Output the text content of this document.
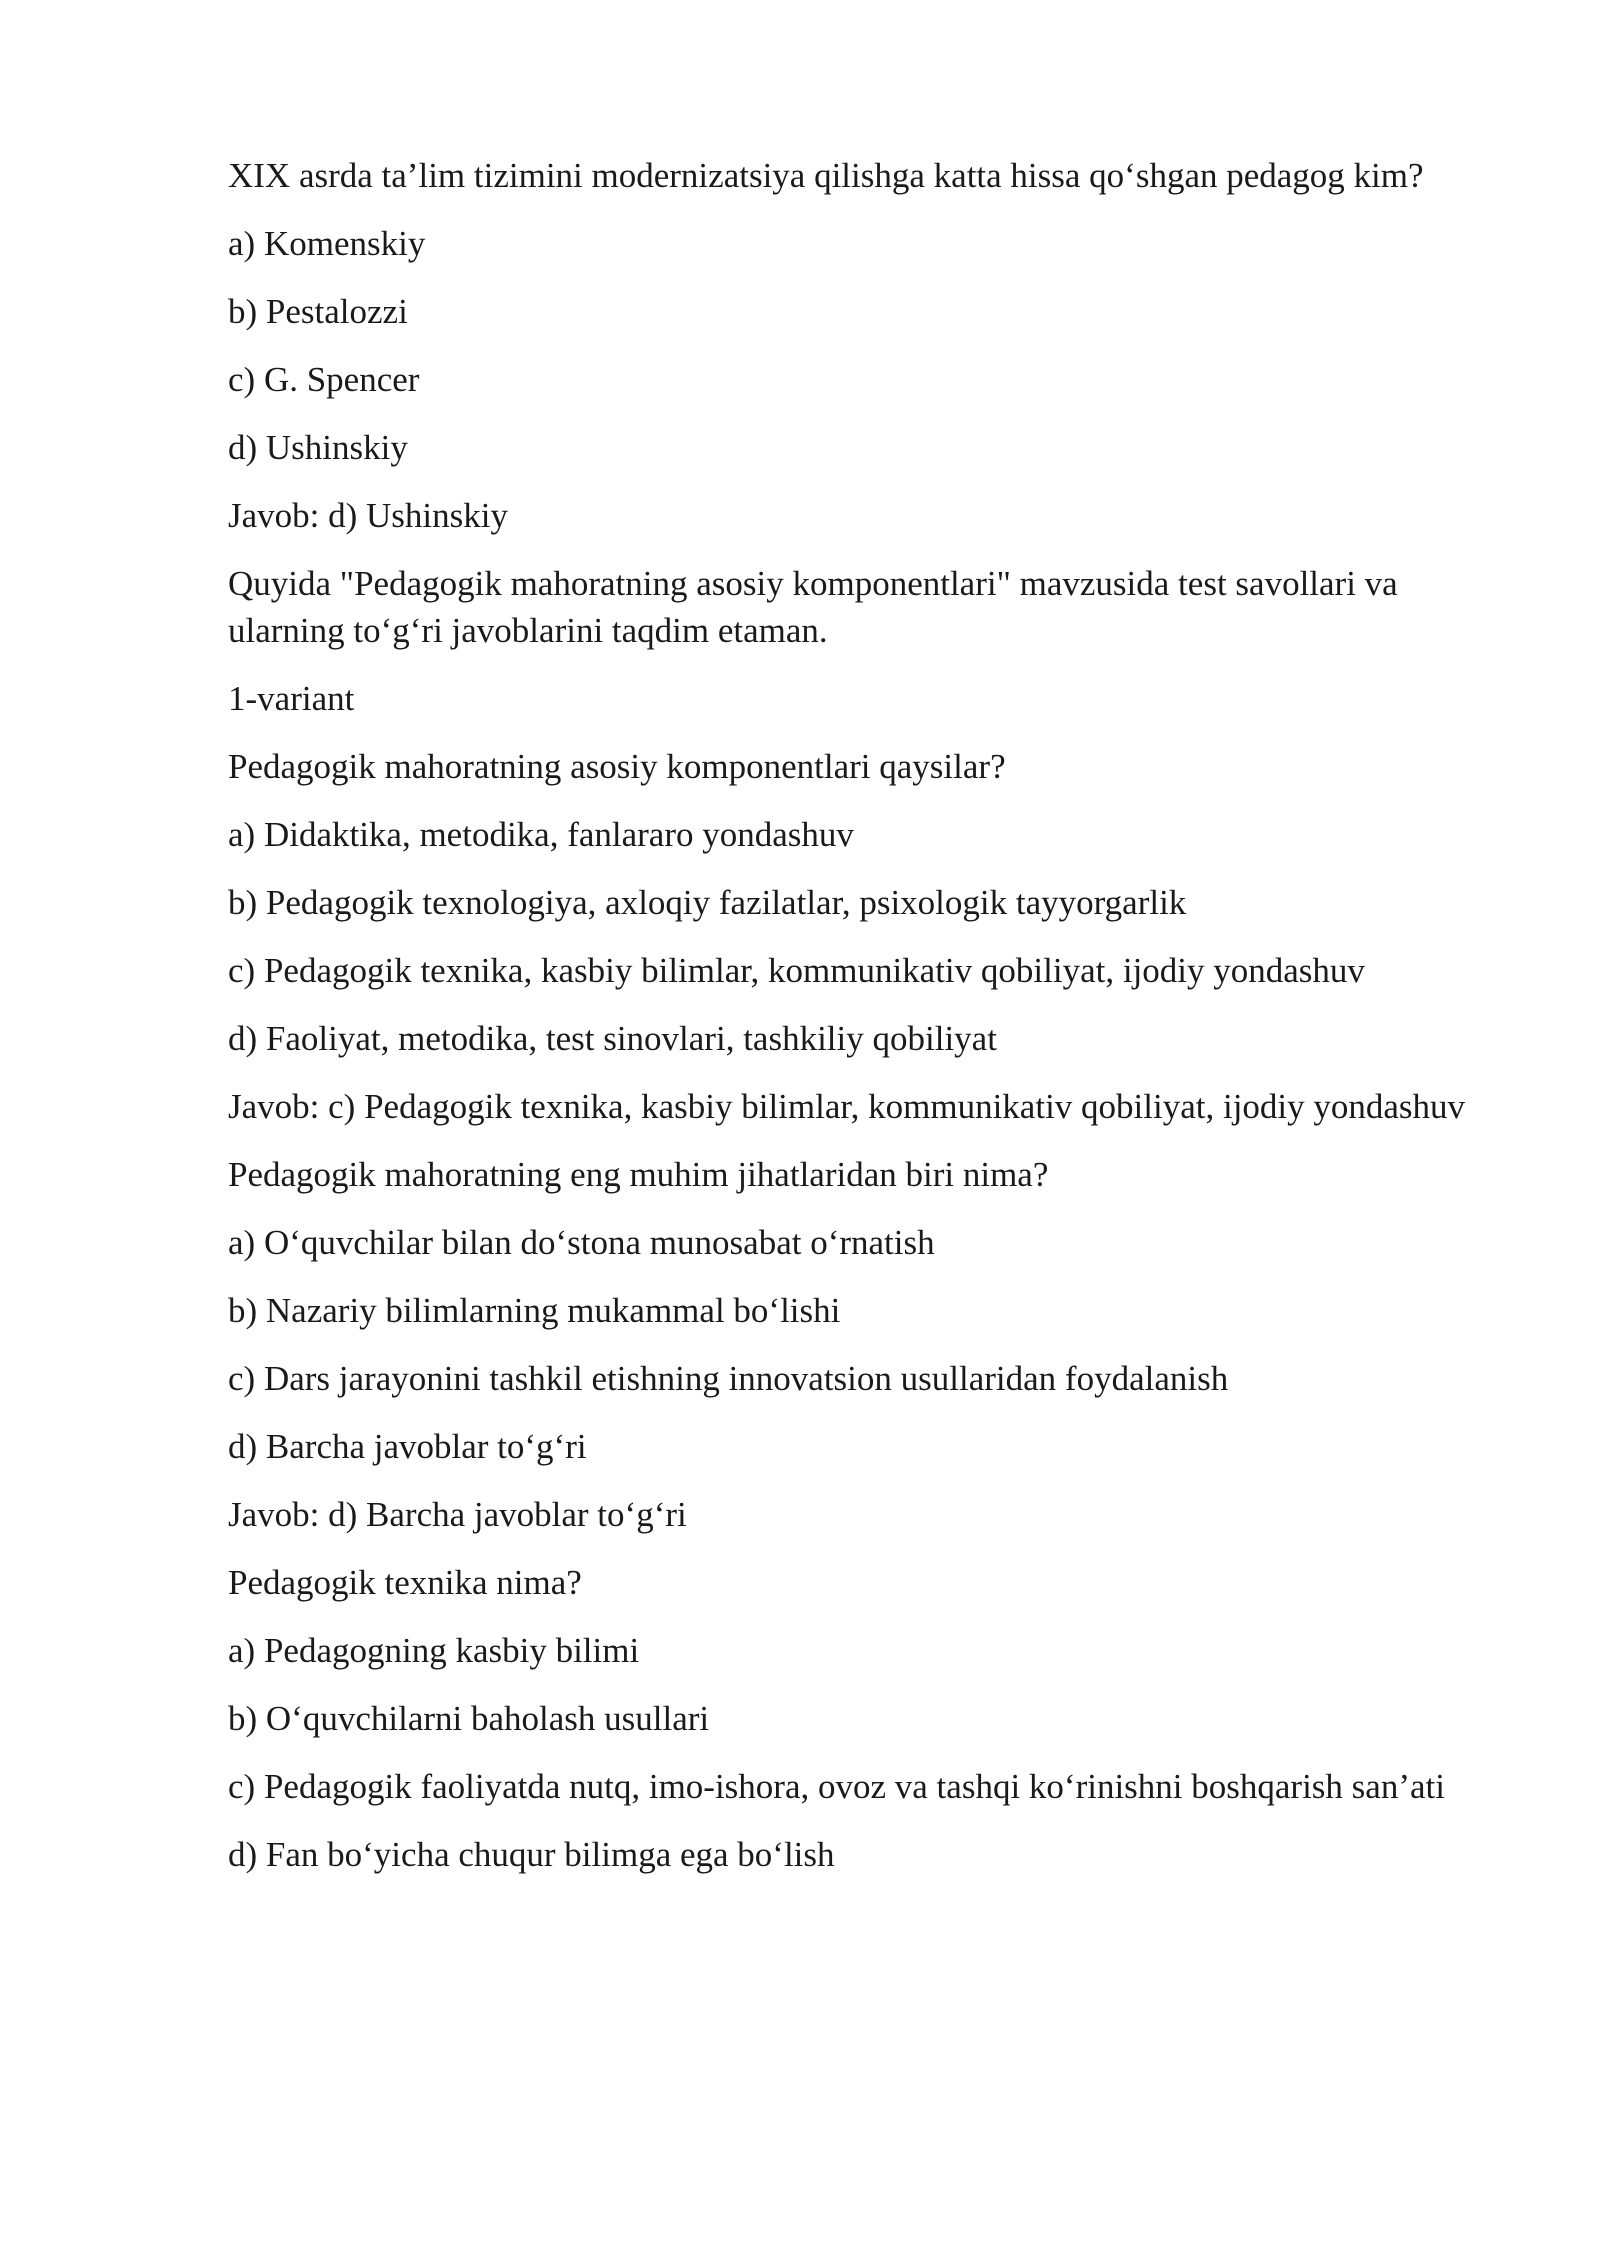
XIX asrda ta’lim tizimini modernizatsiya qilishga katta hissa qo‘shgan pedagog kim?

a) Komenskiy

b) Pestalozzi

c) G. Spencer

d) Ushinskiy

Javob: d) Ushinskiy

Quyida "Pedagogik mahoratning asosiy komponentlari" mavzusida test savollari va ularning to‘g‘ri javoblarini taqdim etaman.

1-variant

Pedagogik mahoratning asosiy komponentlari qaysilar?

a) Didaktika, metodika, fanlararo yondashuv

b) Pedagogik texnologiya, axloqiy fazilatlar, psixologik tayyorgarlik

c) Pedagogik texnika, kasbiy bilimlar, kommunikativ qobiliyat, ijodiy yondashuv

d) Faoliyat, metodika, test sinovlari, tashkiliy qobiliyat

Javob: c) Pedagogik texnika, kasbiy bilimlar, kommunikativ qobiliyat, ijodiy yondashuv

Pedagogik mahoratning eng muhim jihatlaridan biri nima?

a) O‘quvchilar bilan do‘stona munosabat o‘rnatish

b) Nazariy bilimlarning mukammal bo‘lishi

c) Dars jarayonini tashkil etishning innovatsion usullaridan foydalanish

d) Barcha javoblar to‘g‘ri

Javob: d) Barcha javoblar to‘g‘ri

Pedagogik texnika nima?

a) Pedagogning kasbiy bilimi

b) O‘quvchilarni baholash usullari

c) Pedagogik faoliyatda nutq, imo-ishora, ovoz va tashqi ko‘rinishni boshqarish san’ati

d) Fan bo‘yicha chuqur bilimga ega bo‘lish
